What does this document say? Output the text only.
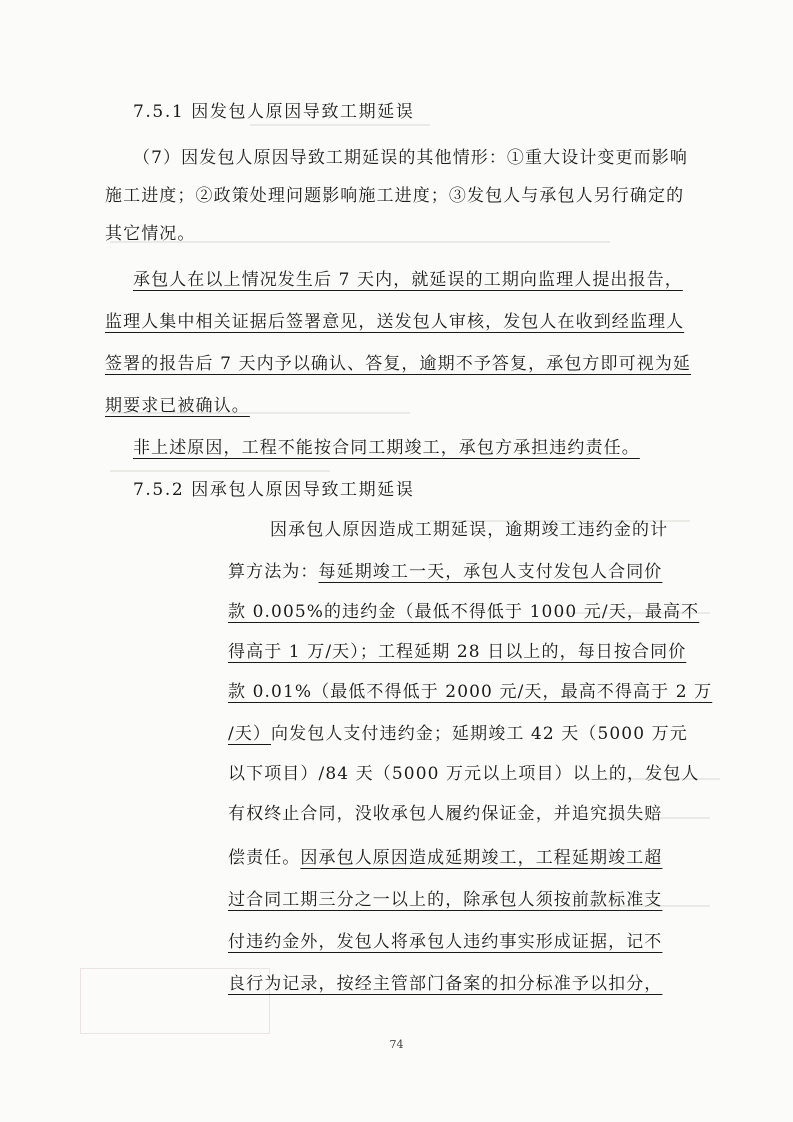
7.5.1 因发包人原因导致工期延误
（7）因发包人原因导致工期延误的其他情形：①重大设计变更而影响
施工进度；②政策处理问题影响施工进度；③发包人与承包人另行确定的
其它情况。
承包人在以上情况发生后 7 天内，就延误的工期向监理人提出报告，
监理人集中相关证据后签署意见，送发包人审核，发包人在收到经监理人
签署的报告后 7 天内予以确认、答复，逾期不予答复，承包方即可视为延
期要求已被确认。
非上述原因，工程不能按合同工期竣工，承包方承担违约责任。
7.5.2 因承包人原因导致工期延误
因承包人原因造成工期延误，逾期竣工违约金的计
算方法为：每延期竣工一天，承包人支付发包人合同价
款 0.005%的违约金（最低不得低于 1000 元/天，最高不
得高于 1 万/天）；工程延期 28 日以上的，每日按合同价
款 0.01%（最低不得低于 2000 元/天，最高不得高于 2 万
/天）向发包人支付违约金；延期竣工 42 天（5000 万元
以下项目）/84 天（5000 万元以上项目）以上的，发包人
有权终止合同，没收承包人履约保证金，并追究损失赔
偿责任。因承包人原因造成延期竣工，工程延期竣工超
过合同工期三分之一以上的，除承包人须按前款标准支
付违约金外，发包人将承包人违约事实形成证据，记不
良行为记录，按经主管部门备案的扣分标准予以扣分，
74
